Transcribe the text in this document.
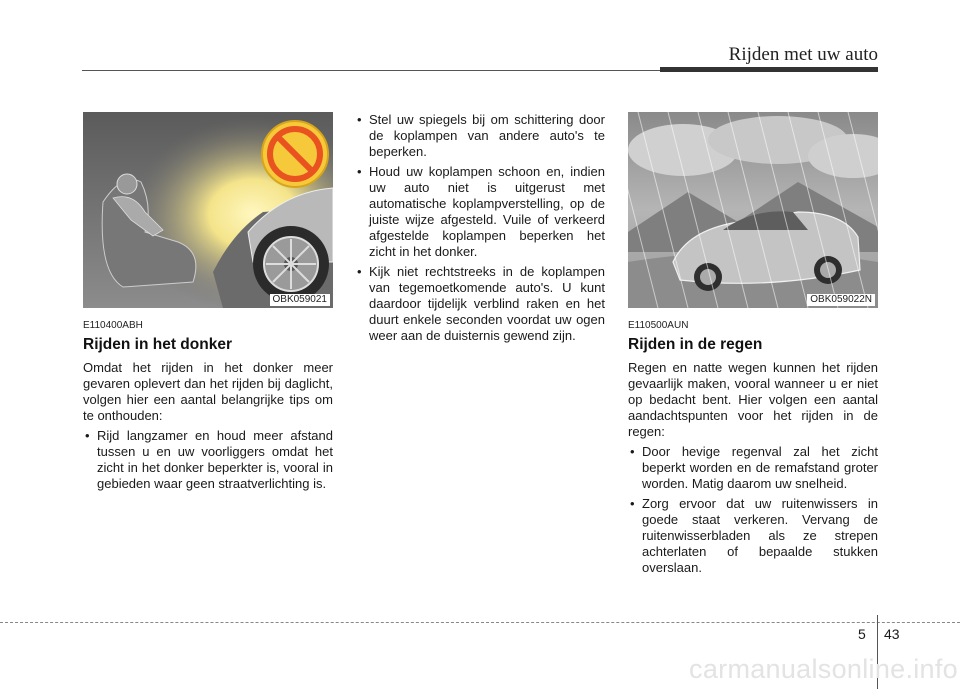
Rijden met uw auto
OBK059021
E110400ABH
Rijden in het donker

Omdat het rijden in het donker meer gevaren oplevert dan het rijden bij daglicht, volgen hier een aantal belangrijke tips om te onthouden:

• Rijd langzamer en houd meer afstand tussen u en uw voorliggers omdat het zicht in het donker beperkter is, vooral in gebieden waar geen straatverlichting is.
• Stel uw spiegels bij om schittering door de koplampen van andere auto's te beperken.
• Houd uw koplampen schoon en, indien uw auto niet is uitgerust met automatische koplampverstelling, op de juiste wijze afgesteld. Vuile of verkeerd afgestelde koplampen beperken het zicht in het donker.
• Kijk niet rechtstreeks in de koplampen van tegemoetkomende auto's. U kunt daardoor tijdelijk verblind raken en het duurt enkele seconden voordat uw ogen weer aan de duisternis gewend zijn.
OBK059022N
E110500AUN
Rijden in de regen

Regen en natte wegen kunnen het rijden gevaarlijk maken, vooral wanneer u er niet op bedacht bent. Hier volgen een aantal aandachtspunten voor het rijden in de regen:

• Door hevige regenval zal het zicht beperkt worden en de remafstand groter worden. Matig daarom uw snelheid.
• Zorg ervoor dat uw ruitenwissers in goede staat verkeren. Vervang de ruitenwisserbladen als ze strepen achterlaten of bepaalde stukken overslaan.
5 43
carmanualsonline.info
